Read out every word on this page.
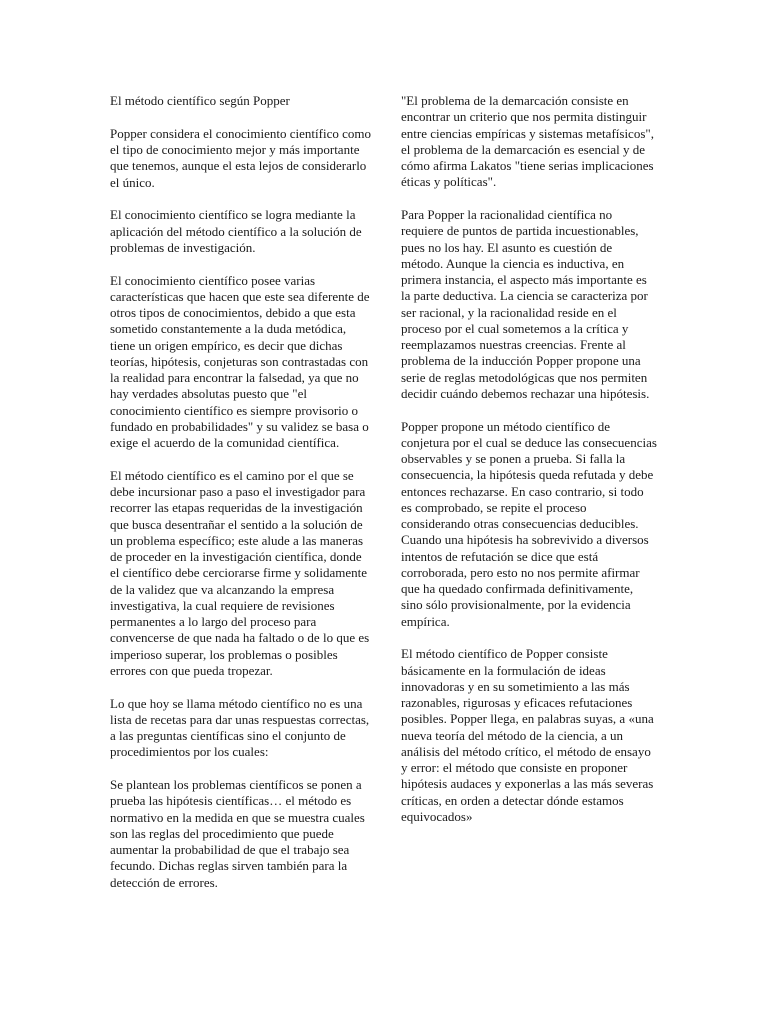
El método científico según Popper

Popper considera el conocimiento científico como el tipo de conocimiento mejor y más importante que tenemos, aunque el esta lejos de considerarlo el único.

El conocimiento científico se logra mediante la aplicación del método científico a la solución de problemas de investigación.

El conocimiento científico posee varias características que hacen que este sea diferente de otros tipos de conocimientos, debido a que esta sometido constantemente a la duda metódica, tiene un origen empírico, es decir que dichas teorías, hipótesis, conjeturas son contrastadas con la realidad para encontrar la falsedad, ya que no hay verdades absolutas puesto que "el conocimiento científico es siempre provisorio o fundado en probabilidades" y su validez se basa o exige el acuerdo de la comunidad científica.

El método científico es el camino por el que se debe incursionar paso a paso el investigador para recorrer las etapas requeridas de la investigación que busca desentrañar el sentido a la solución de un problema específico; este alude a las maneras de proceder en la investigación científica, donde el científico debe cerciorarse firme y solidamente de la validez que va alcanzando la empresa investigativa, la cual requiere de revisiones permanentes a lo largo del proceso para convencerse de que nada ha faltado o de lo que es imperioso superar, los problemas o posibles errores con que pueda tropezar.

Lo que hoy se llama método científico no es una lista de recetas para dar unas respuestas correctas, a las preguntas científicas sino el conjunto de procedimientos por los cuales:

Se plantean los problemas científicos se ponen a prueba las hipótesis científicas… el método es normativo en la medida en que se muestra cuales son las reglas del procedimiento que puede aumentar la probabilidad de que el trabajo sea fecundo. Dichas reglas sirven también para la detección de errores.

"El problema de la demarcación consiste en encontrar un criterio que nos permita distinguir entre ciencias empíricas y sistemas metafísicos", el problema de la demarcación es esencial y de cómo afirma Lakatos "tiene serias implicaciones éticas y políticas".

Para Popper la racionalidad científica no requiere de puntos de partida incuestionables, pues no los hay. El asunto es cuestión de método. Aunque la ciencia es inductiva, en primera instancia, el aspecto más importante es la parte deductiva. La ciencia se caracteriza por ser racional, y la racionalidad reside en el proceso por el cual sometemos a la crítica y reemplazamos nuestras creencias. Frente al problema de la inducción Popper propone una serie de reglas metodológicas que nos permiten decidir cuándo debemos rechazar una hipótesis.

Popper propone un método científico de conjetura por el cual se deduce las consecuencias observables y se ponen a prueba. Si falla la consecuencia, la hipótesis queda refutada y debe entonces rechazarse. En caso contrario, si todo es comprobado, se repite el proceso considerando otras consecuencias deducibles. Cuando una hipótesis ha sobrevivido a diversos intentos de refutación se dice que está corroborada, pero esto no nos permite afirmar que ha quedado confirmada definitivamente, sino sólo provisionalmente, por la evidencia empírica.

El método científico de Popper consiste básicamente en la formulación de ideas innovadoras y en su sometimiento a las más razonables, rigurosas y eficaces refutaciones posibles. Popper llega, en palabras suyas, a «una nueva teoría del método de la ciencia, a un análisis del método crítico, el método de ensayo y error: el método que consiste en proponer hipótesis audaces y exponerlas a las más severas críticas, en orden a detectar dónde estamos equivocados»
